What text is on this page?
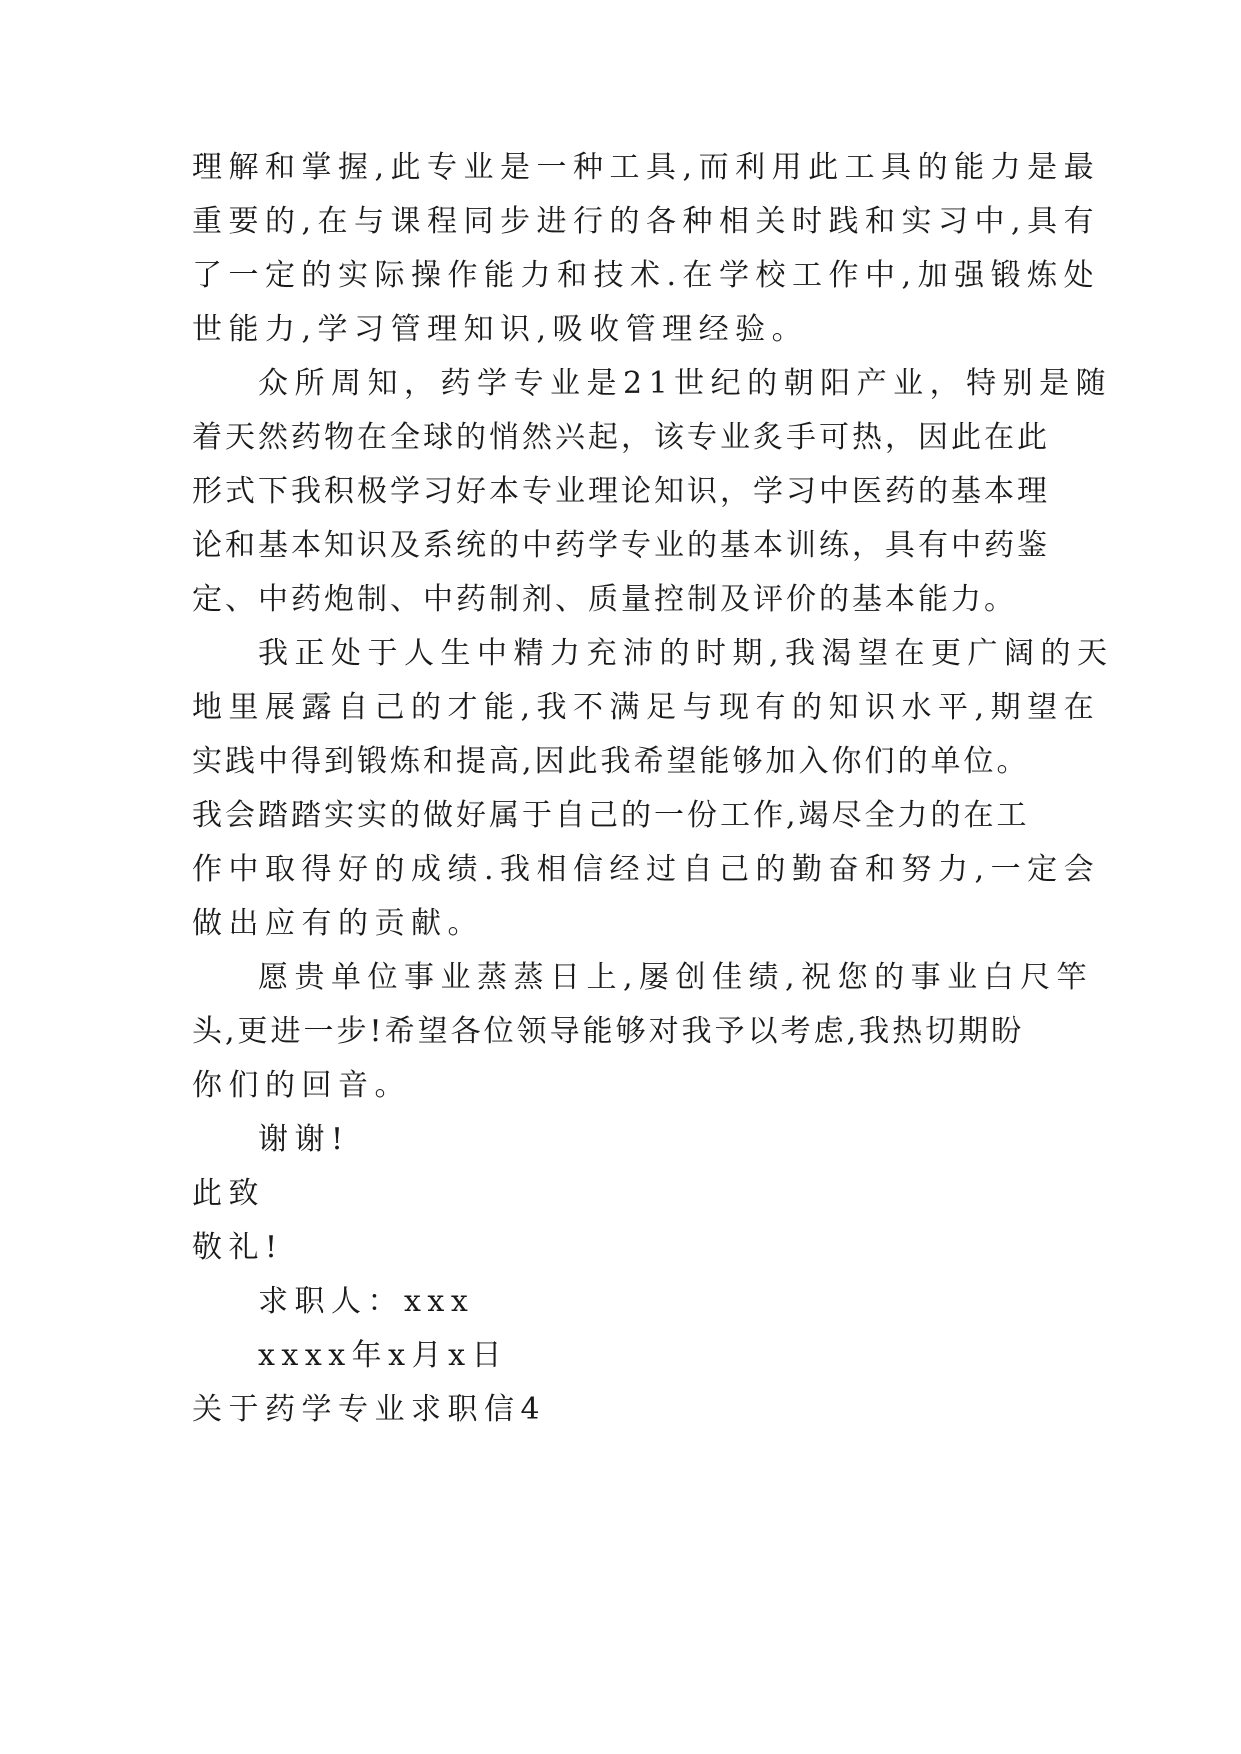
理解和掌握,此专业是一种工具,而利用此工具的能力是最
重要的,在与课程同步进行的各种相关时践和实习中,具有
了一定的实际操作能力和技术.在学校工作中,加强锻炼处
世能力,学习管理知识,吸收管理经验。
众所周知，药学专业是21世纪的朝阳产业，特别是随
着天然药物在全球的悄然兴起，该专业炙手可热，因此在此
形式下我积极学习好本专业理论知识，学习中医药的基本理
论和基本知识及系统的中药学专业的基本训练，具有中药鉴
定、中药炮制、中药制剂、质量控制及评价的基本能力。
我正处于人生中精力充沛的时期,我渴望在更广阔的天
地里展露自己的才能,我不满足与现有的知识水平,期望在
实践中得到锻炼和提高,因此我希望能够加入你们的单位。
我会踏踏实实的做好属于自己的一份工作,竭尽全力的在工
作中取得好的成绩.我相信经过自己的勤奋和努力,一定会
做出应有的贡献。
愿贵单位事业蒸蒸日上,屡创佳绩,祝您的事业白尺竿
头,更进一步!希望各位领导能够对我予以考虑,我热切期盼
你们的回音。
谢谢!
此致
敬礼!
求职人：xxx
xxxx年x月x日
关于药学专业求职信4
